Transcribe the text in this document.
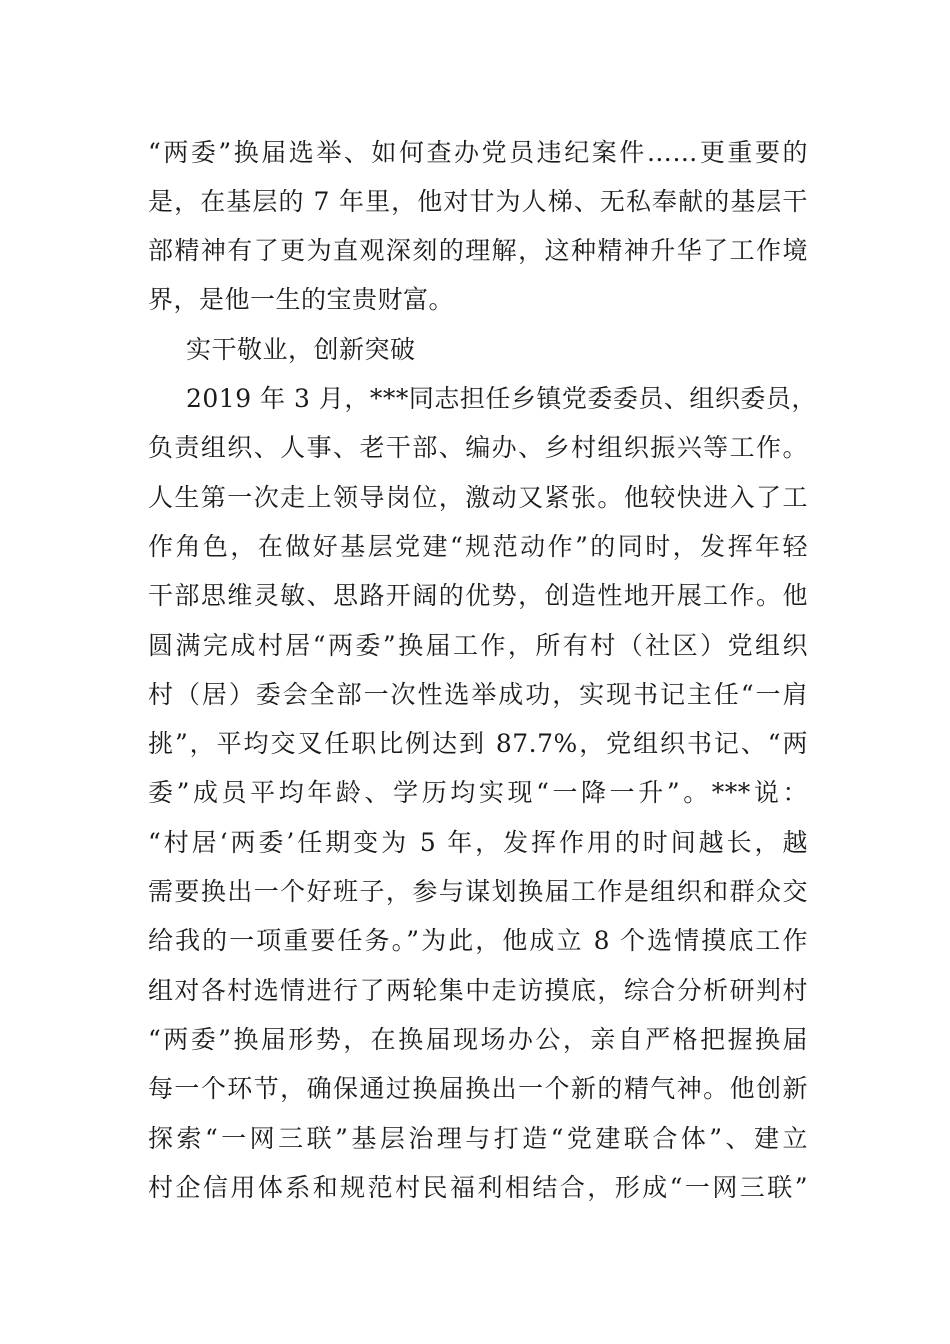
“两委”换届选举、如何查办党员违纪案件……更重要的
是，在基层的 7 年里，他对甘为人梯、无私奉献的基层干
部精神有了更为直观深刻的理解，这种精神升华了工作境
界，是他一生的宝贵财富。
实干敬业，创新突破
2019 年 3 月，***同志担任乡镇党委委员、组织委员，
负责组织、人事、老干部、编办、乡村组织振兴等工作。
人生第一次走上领导岗位，激动又紧张。他较快进入了工
作角色，在做好基层党建“规范动作”的同时，发挥年轻
干部思维灵敏、思路开阔的优势，创造性地开展工作。他
圆满完成村居“两委”换届工作，所有村（社区）党组织
村（居）委会全部一次性选举成功，实现书记主任“一肩
挑”，平均交叉任职比例达到 87.7%，党组织书记、“两
委”成员平均年龄、学历均实现“一降一升”。***说：
“村居‘两委’任期变为 5 年，发挥作用的时间越长，越
需要换出一个好班子，参与谋划换届工作是组织和群众交
给我的一项重要任务。”为此，他成立 8 个选情摸底工作
组对各村选情进行了两轮集中走访摸底，综合分析研判村
“两委”换届形势，在换届现场办公，亲自严格把握换届
每一个环节，确保通过换届换出一个新的精气神。他创新
探索“一网三联”基层治理与打造“党建联合体”、建立
村企信用体系和规范村民福利相结合，形成“一网三联”
